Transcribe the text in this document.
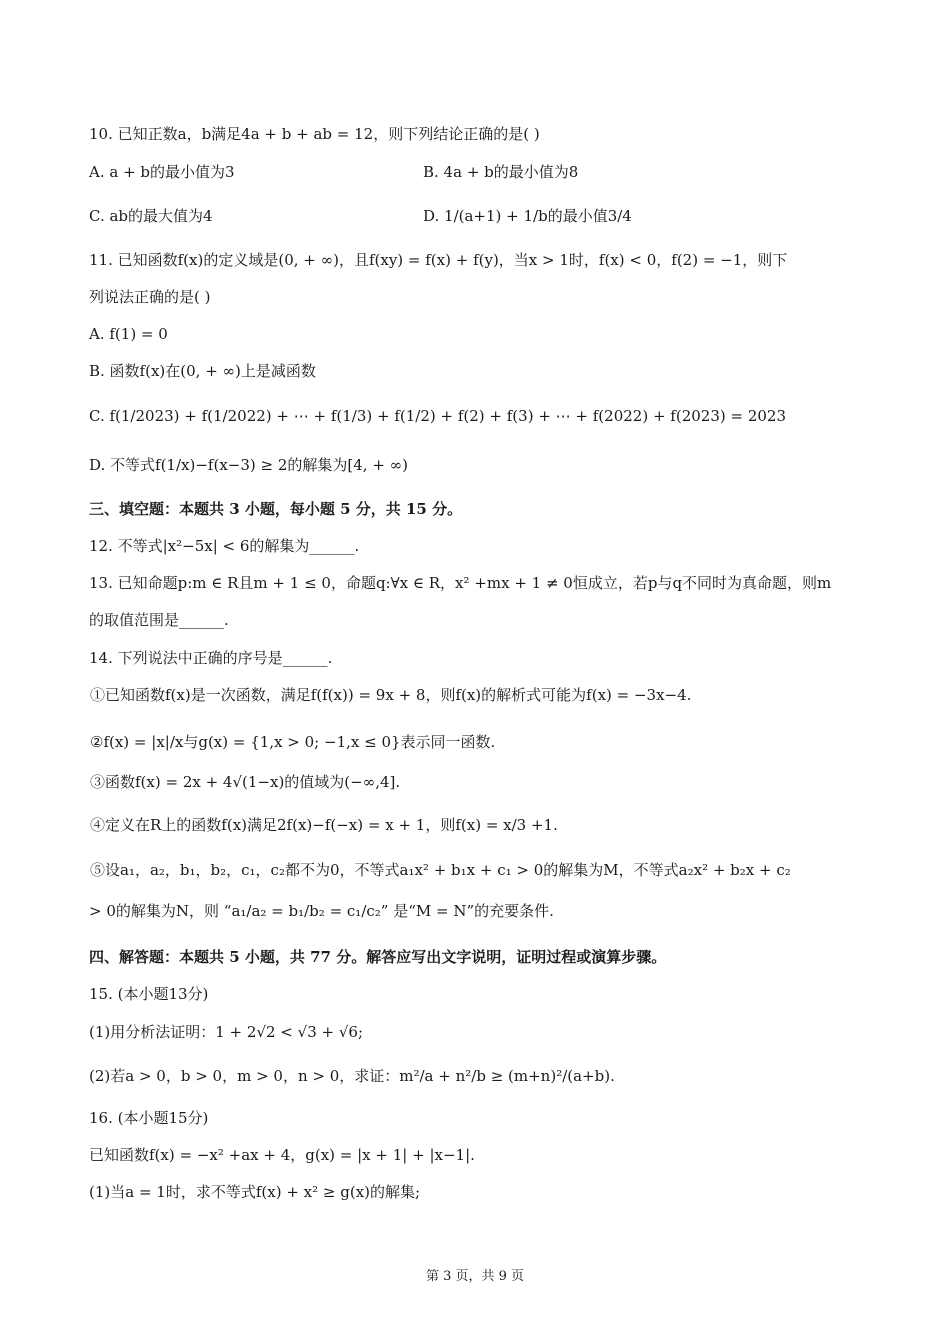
10. 已知正数a，b满足4a + b + ab = 12，则下列结论正确的是( )
A. a + b的最小值为3	B. 4a + b的最小值为8
C. ab的最大值为4	D. 1/(a+1) + 1/b的最小值3/4
11. 已知函数f(x)的定义域是(0, + ∞)，且f(xy) = f(x) + f(y)，当x > 1时，f(x) < 0，f(2) = −1，则下
列说法正确的是( )
A. f(1) = 0
B. 函数f(x)在(0, + ∞)上是减函数
C. f(1/2023) + f(1/2022) + ⋯ + f(1/3) + f(1/2) + f(2) + f(3) + ⋯ + f(2022) + f(2023) = 2023
D. 不等式f(1/x)−f(x−3) ≥ 2的解集为[4, + ∞)
三、填空题：本题共 3 小题，每小题 5 分，共 15 分。
12. 不等式|x²−5x| < 6的解集为______.
13. 已知命题p:m ∈ R且m + 1 ≤ 0，命题q:∀x ∈ R，x² +mx + 1 ≠ 0恒成立，若p与q不同时为真命题，则m
的取值范围是______.
14. 下列说法中正确的序号是______.
①已知函数f(x)是一次函数，满足f(f(x)) = 9x + 8，则f(x)的解析式可能为f(x) = −3x−4.
②f(x) = |x|/x与g(x) = {1,x > 0; −1,x ≤ 0}表示同一函数.
③函数f(x) = 2x + 4√(1−x)的值域为(−∞,4].
④定义在R上的函数f(x)满足2f(x)−f(−x) = x + 1，则f(x) = x/3 +1.
⑤设a₁，a₂，b₁，b₂，c₁，c₂都不为0，不等式a₁x² + b₁x + c₁ > 0的解集为M，不等式a₂x² + b₂x + c₂
> 0的解集为N，则 “a₁/a₂ = b₁/b₂ = c₁/c₂” 是“M = N”的充要条件.
四、解答题：本题共 5 小题，共 77 分。解答应写出文字说明，证明过程或演算步骤。
15. (本小题13分)
(1)用分析法证明：1 + 2√2 < √3 + √6;
(2)若a > 0，b > 0，m > 0，n > 0，求证：m²/a + n²/b ≥ (m+n)²/(a+b).
16. (本小题15分)
已知函数f(x) = −x² +ax + 4，g(x) = |x + 1| + |x−1|.
(1)当a = 1时，求不等式f(x) + x² ≥ g(x)的解集;
第 3 页，共 9 页
